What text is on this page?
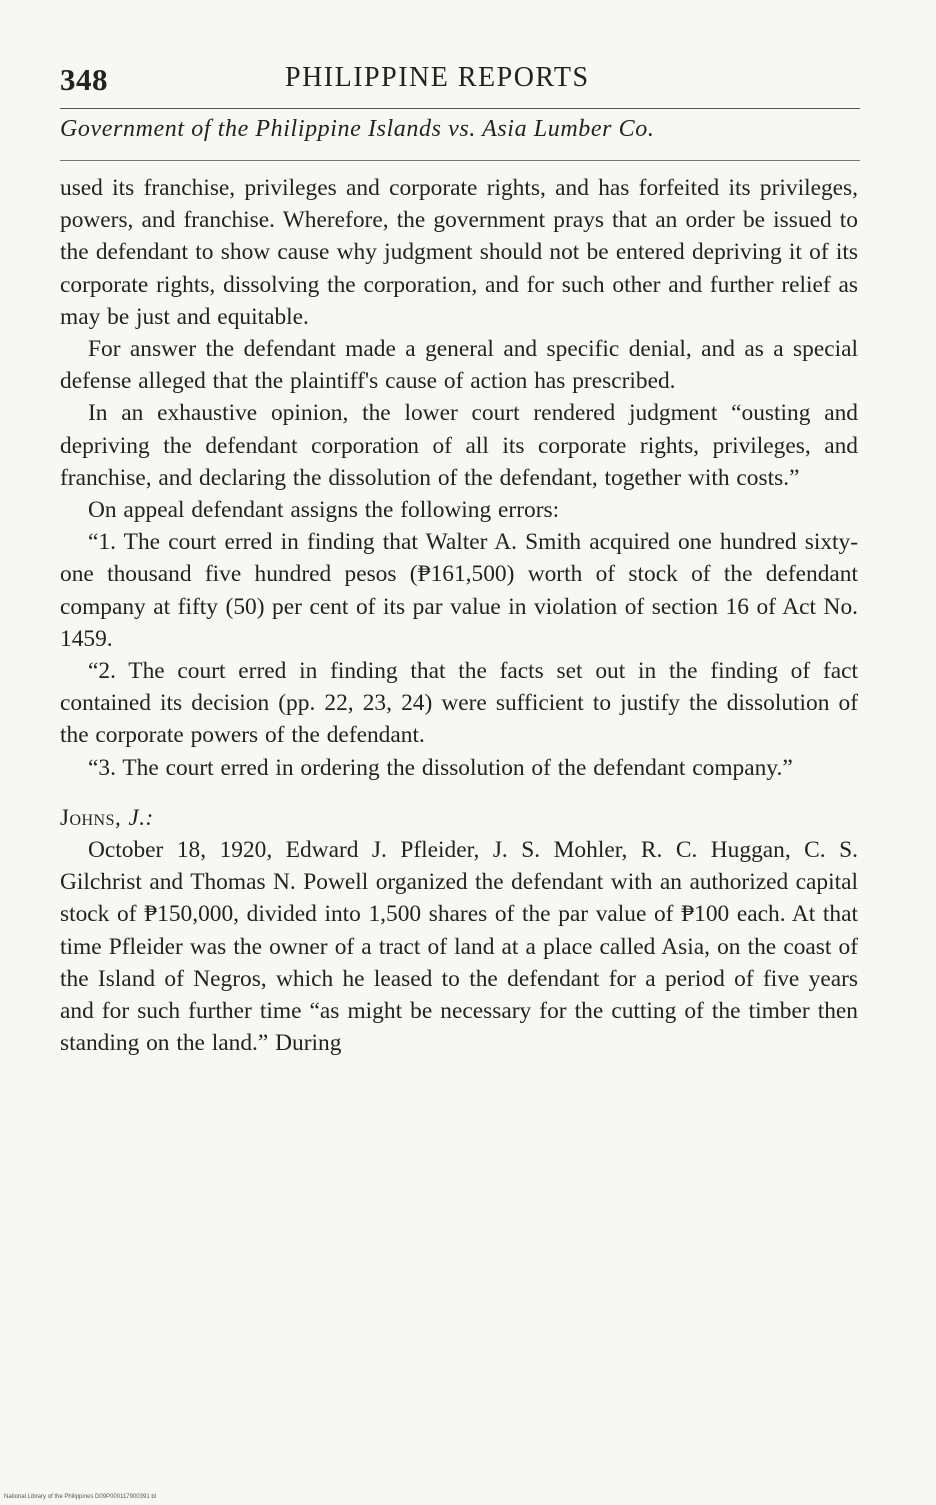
348	PHILIPPINE REPORTS
Government of the Philippine Islands vs. Asia Lumber Co.

used its franchise, privileges and corporate rights, and has forfeited its privileges, powers, and franchise. Wherefore, the government prays that an order be issued to the defendant to show cause why judgment should not be entered depriving it of its corporate rights, dissolving the corporation, and for such other and further relief as may be just and equitable.

For answer the defendant made a general and specific denial, and as a special defense alleged that the plaintiff's cause of action has prescribed.

In an exhaustive opinion, the lower court rendered judgment “ousting and depriving the defendant corporation of all its corporate rights, privileges, and franchise, and declaring the dissolution of the defendant, together with costs.”

On appeal defendant assigns the following errors:

“1. The court erred in finding that Walter A. Smith acquired one hundred sixty-one thousand five hundred pesos (₱161,500) worth of stock of the defendant company at fifty (50) per cent of its par value in violation of section 16 of Act No. 1459.

“2. The court erred in finding that the facts set out in the finding of fact contained its decision (pp. 22, 23, 24) were sufficient to justify the dissolution of the corporate powers of the defendant.

“3. The court erred in ordering the dissolution of the defendant company.”

Johns, J.:

October 18, 1920, Edward J. Pfleider, J. S. Mohler, R. C. Huggan, C. S. Gilchrist and Thomas N. Powell organized the defendant with an authorized capital stock of ₱150,000, divided into 1,500 shares of the par value of ₱100 each. At that time Pfleider was the owner of a tract of land at a place called Asia, on the coast of the Island of Negros, which he leased to the defendant for a period of five years and for such further time “as might be necessary for the cutting of the timber then standing on the land.” During

National Library of the Philippines D09P000117900391 bl
